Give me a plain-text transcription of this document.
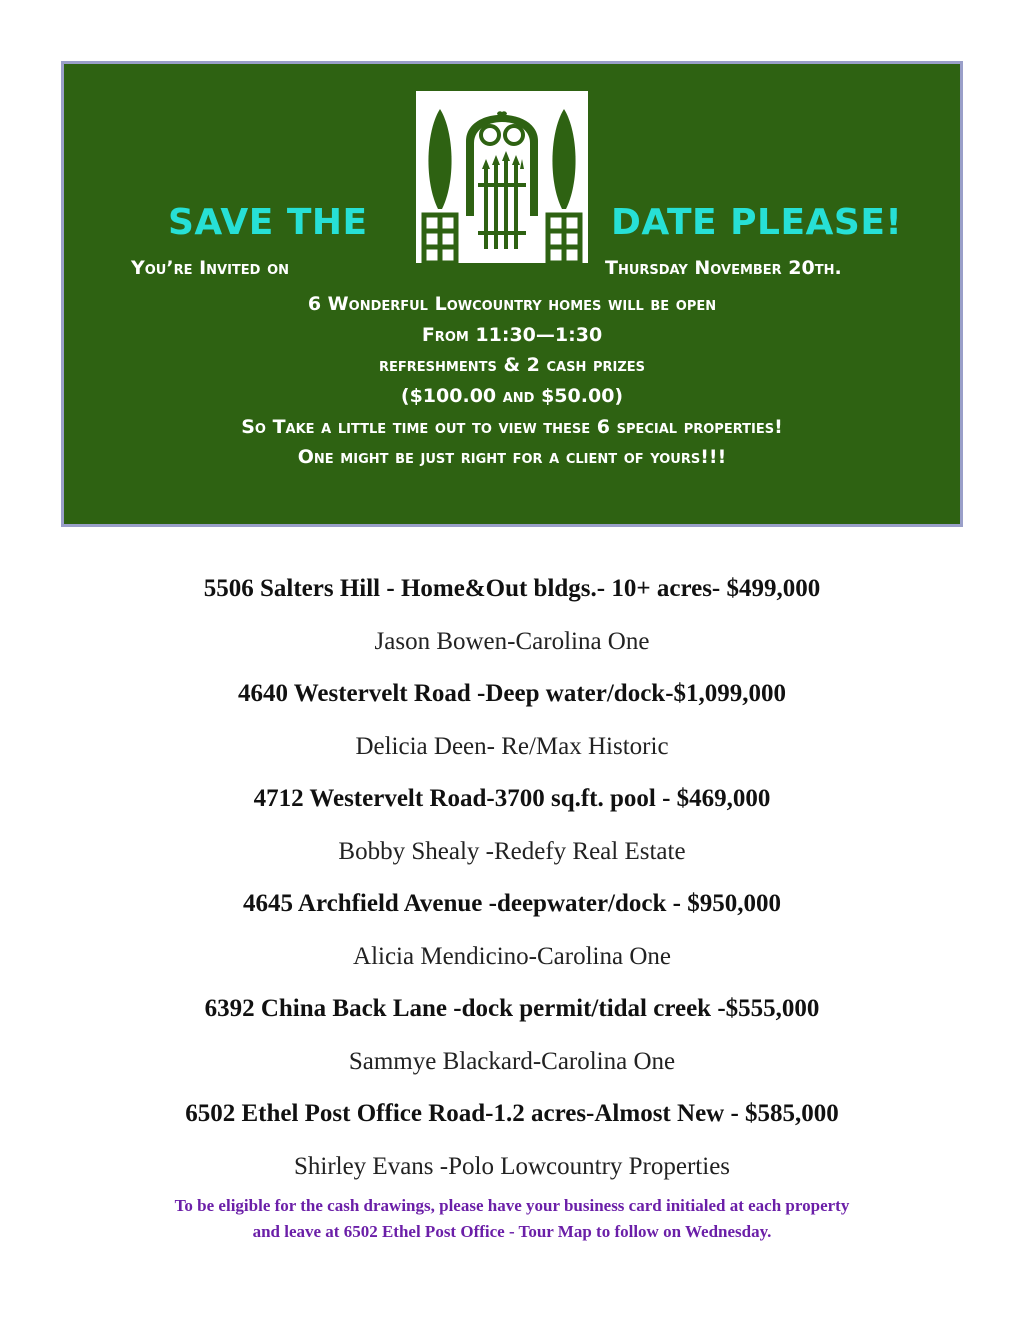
SAVE THE	DATE PLEASE!

You’re Invited on	Thursday November 20th.

6 Wonderful Lowcountry homes will be open

From 11:30—1:30

refreshments & 2 cash prizes

($100.00 and $50.00)

So Take a little time out to view these 6 special properties!

One might be just right for a client of yours!!!

5506 Salters Hill - Home&Out bldgs.- 10+ acres- $499,000

Jason Bowen-Carolina One

4640 Westervelt Road -Deep water/dock-$1,099,000

Delicia Deen- Re/Max Historic

4712 Westervelt Road-3700 sq.ft. pool - $469,000

Bobby Shealy -Redefy Real Estate

4645 Archfield Avenue -deepwater/dock - $950,000

Alicia Mendicino-Carolina One

6392 China Back Lane -dock permit/tidal creek -$555,000

Sammye Blackard-Carolina One

6502 Ethel Post Office Road-1.2 acres-Almost New - $585,000

Shirley Evans -Polo Lowcountry Properties

To be eligible for the cash drawings, please have your business card initialed at each property

and leave at 6502 Ethel Post Office - Tour Map to follow on Wednesday.
